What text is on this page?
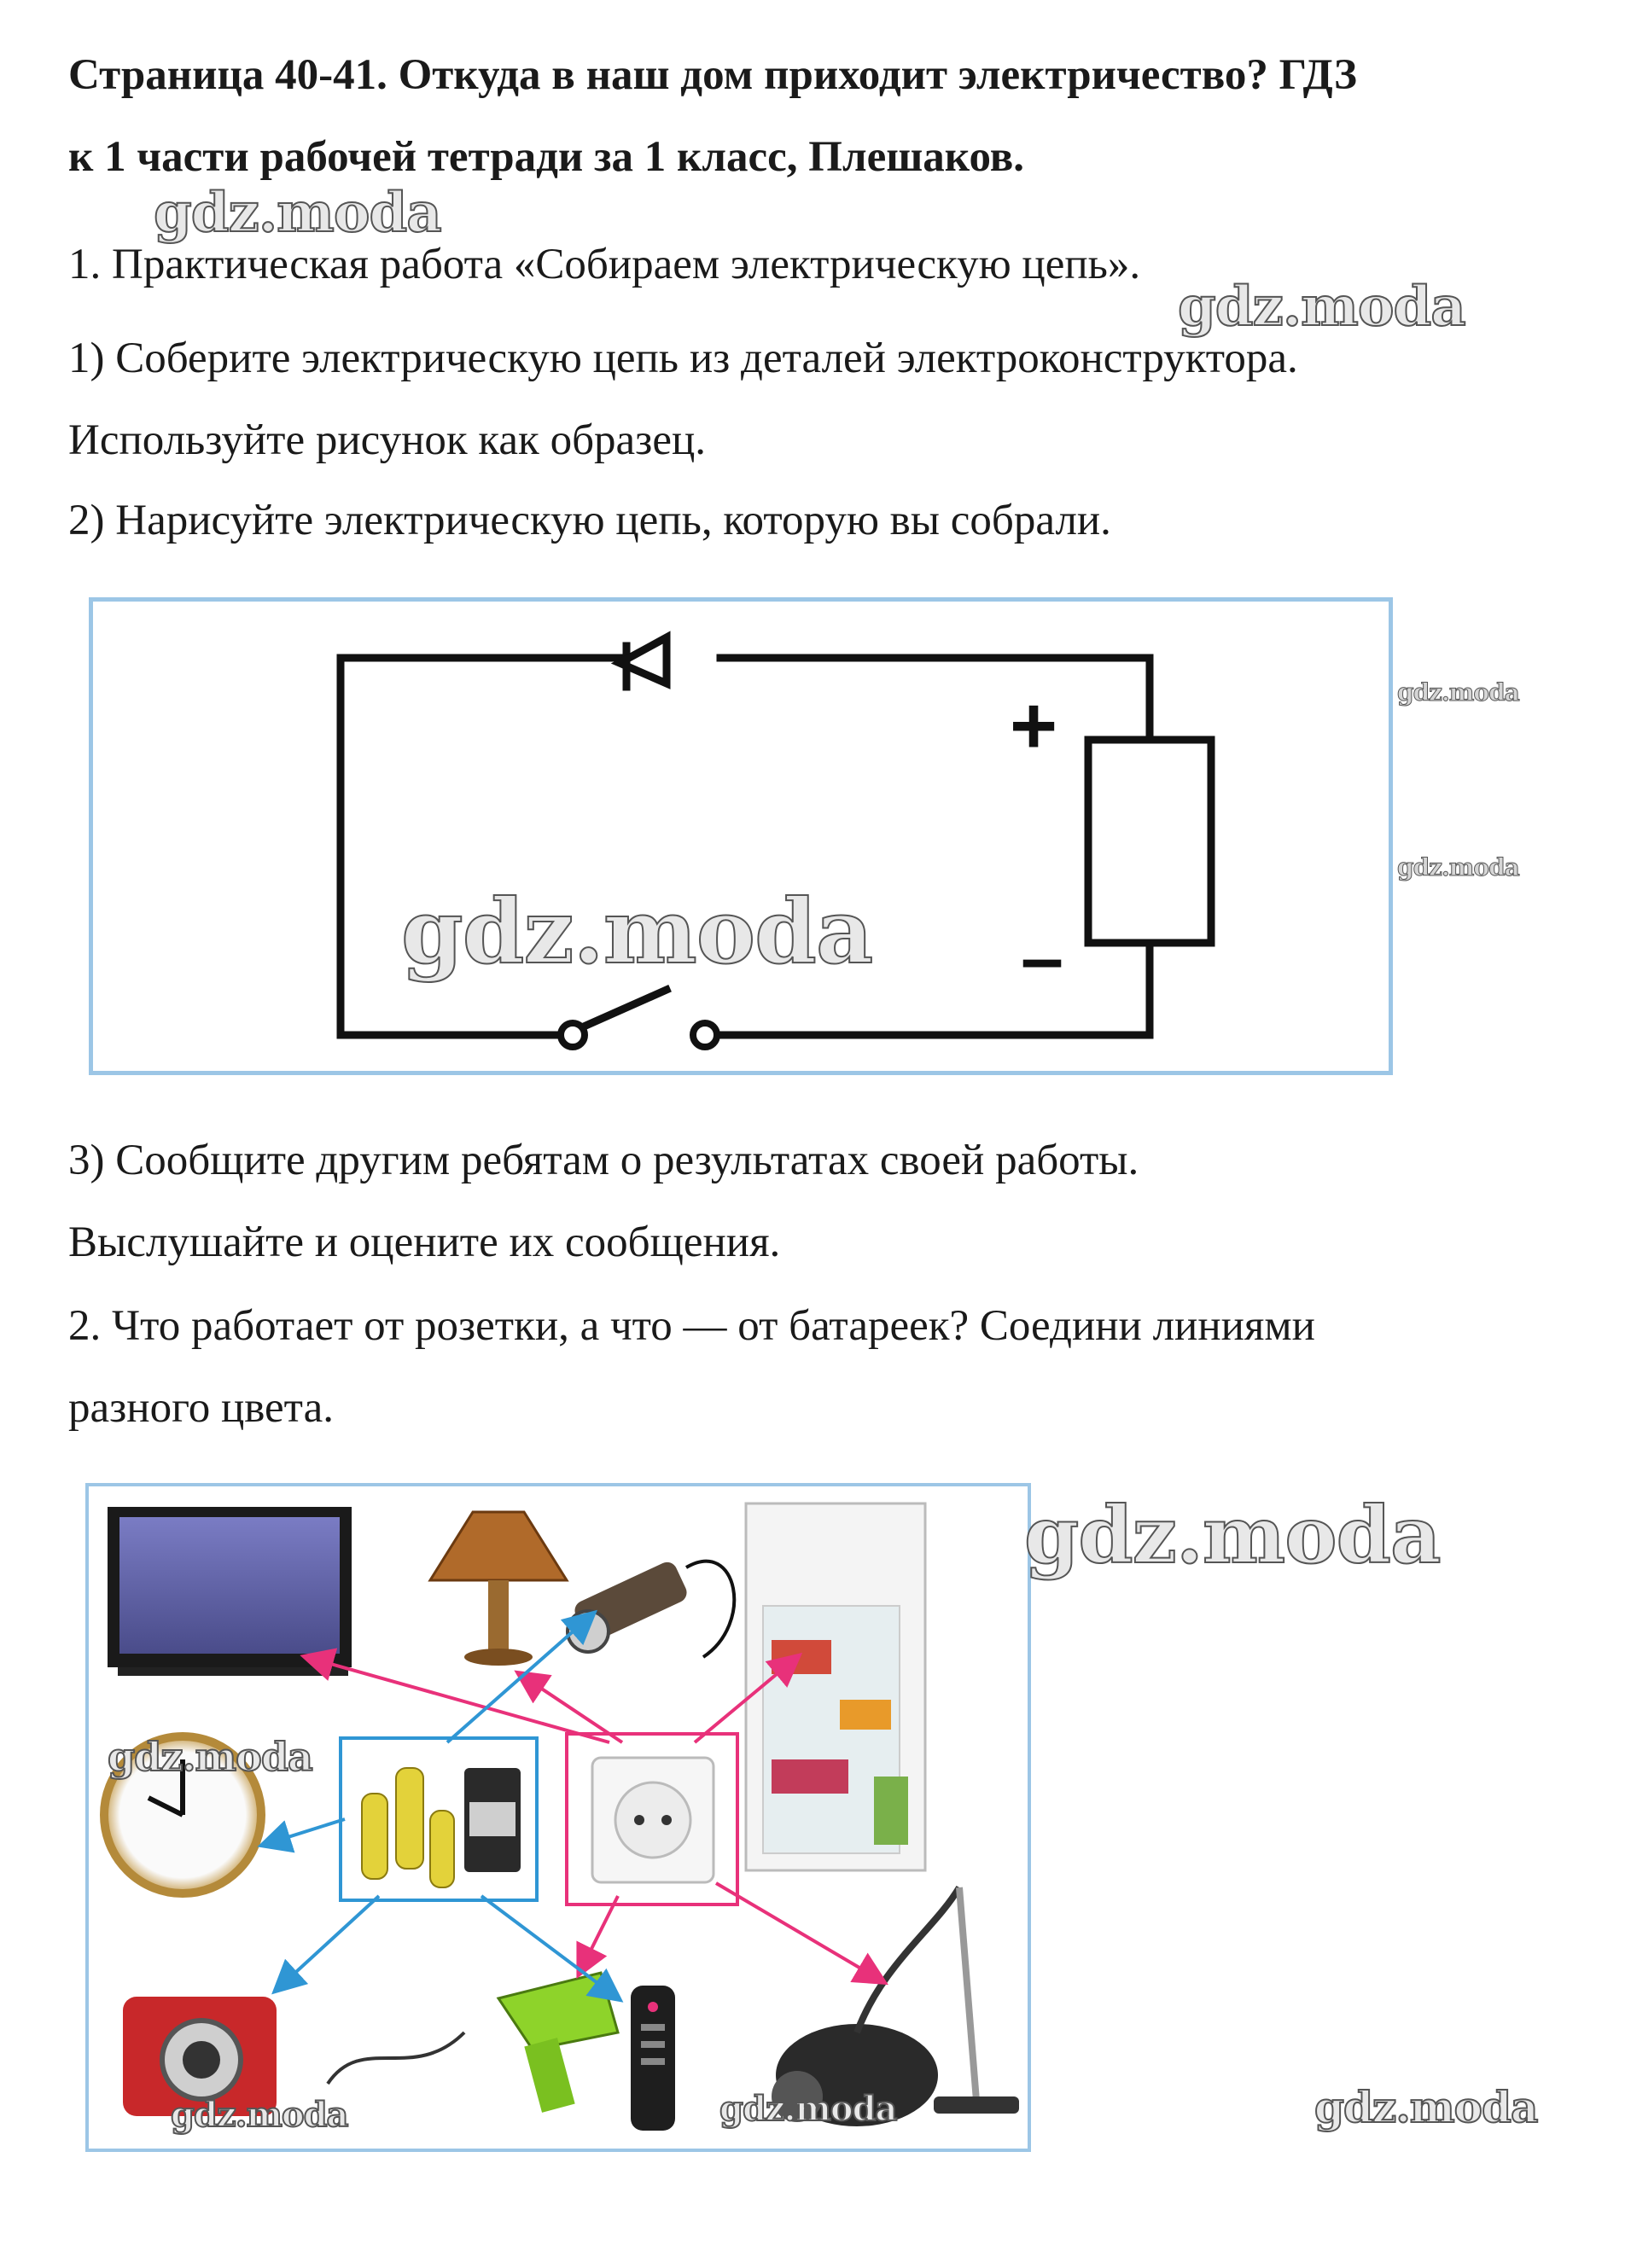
Страница 40-41. Откуда в наш дом приходит электричество? ГДЗ
к 1 части рабочей тетради за 1 класс, Плешаков.
gdz.moda
1. Практическая работа «Собираем электрическую цепь».
gdz.moda
1) Соберите электрическую цепь из деталей электроконструктора.
Используйте рисунок как образец.
2) Нарисуйте электрическую цепь, которую вы собрали.
+
–
gdz.moda
gdz.moda
gdz.moda
3) Сообщите другим ребятам о результатах своей работы.
Выслушайте и оцените их сообщения.
2. Что работает от розетки, а что — от батареек? Соедини линиями
разного цвета.
gdz.moda
gdz.moda
gdz.moda	gdz.moda	gdz.moda
